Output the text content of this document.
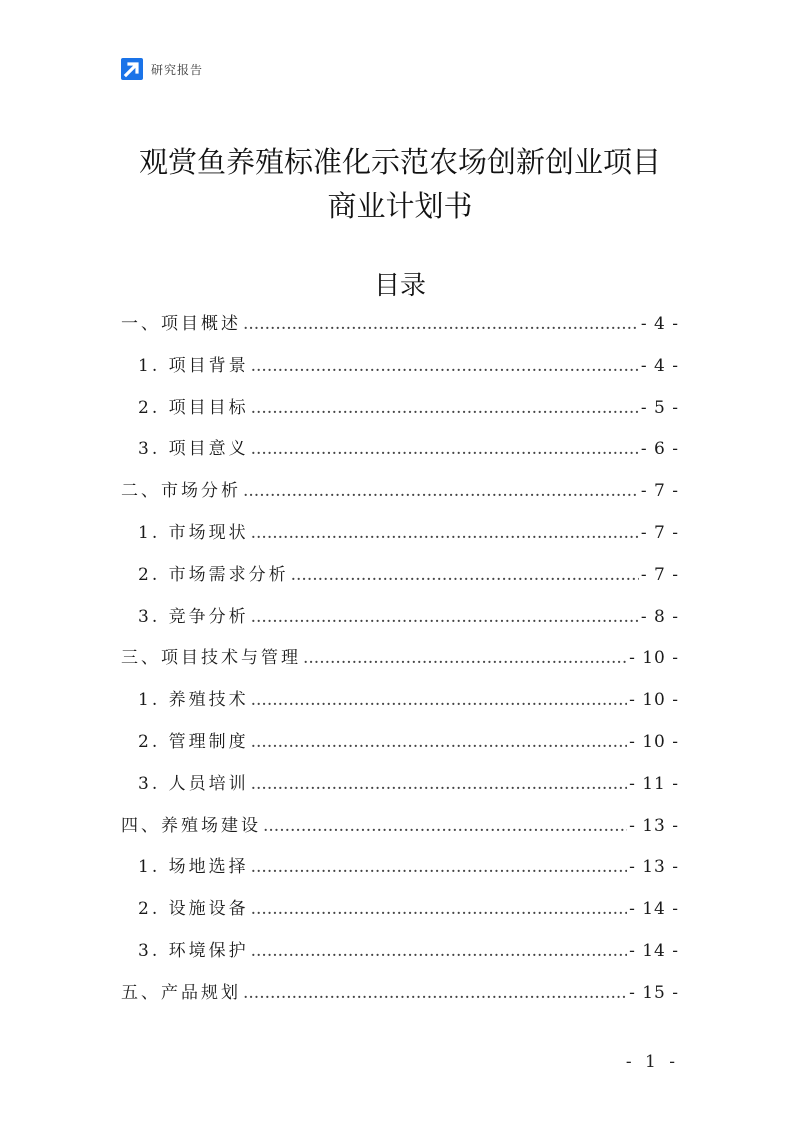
研究报告
观赏鱼养殖标准化示范农场创新创业项目
商业计划书
目录
一、项目概述 .....	- 4 -
1. 项目背景 .....	- 4 -
2. 项目目标 .....	- 5 -
3. 项目意义 .....	- 6 -
二、市场分析 .....	- 7 -
1. 市场现状 .....	- 7 -
2. 市场需求分析 .....	- 7 -
3. 竞争分析 .....	- 8 -
三、项目技术与管理 .....	- 10 -
1. 养殖技术 .....	- 10 -
2. 管理制度 .....	- 10 -
3. 人员培训 .....	- 11 -
四、养殖场建设 .....	- 13 -
1. 场地选择 .....	- 13 -
2. 设施设备 .....	- 14 -
3. 环境保护 .....	- 14 -
五、产品规划 .....	- 15 -
- 1 -
